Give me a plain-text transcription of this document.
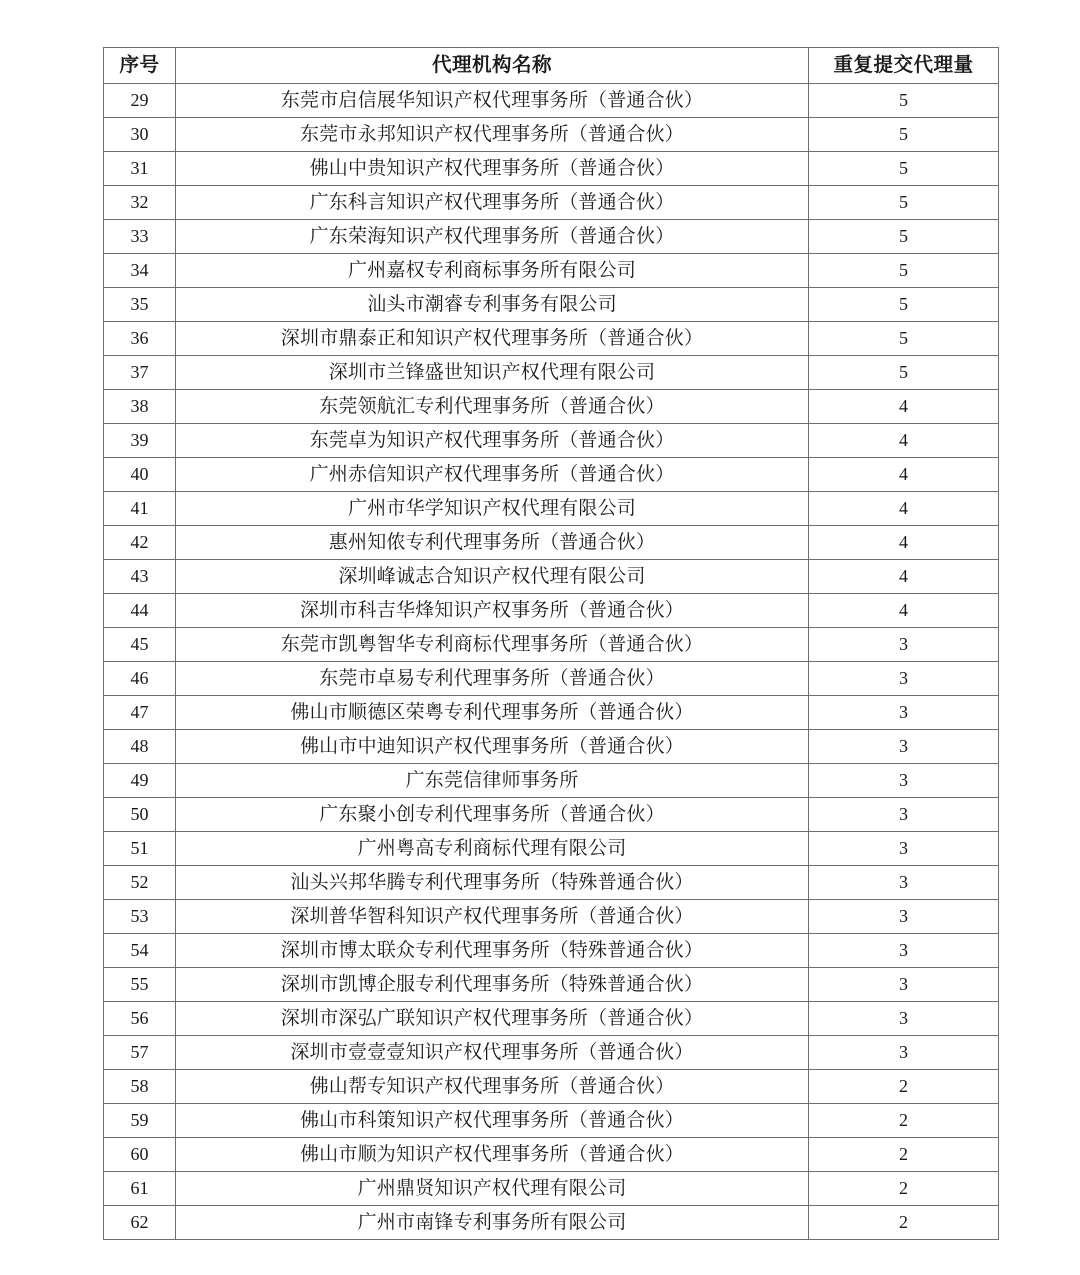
序号	代理机构名称	重复提交代理量
29	东莞市启信展华知识产权代理事务所（普通合伙）	5
30	东莞市永邦知识产权代理事务所（普通合伙）	5
31	佛山中贵知识产权代理事务所（普通合伙）	5
32	广东科言知识产权代理事务所（普通合伙）	5
33	广东荣海知识产权代理事务所（普通合伙）	5
34	广州嘉权专利商标事务所有限公司	5
35	汕头市潮睿专利事务有限公司	5
36	深圳市鼎泰正和知识产权代理事务所（普通合伙）	5
37	深圳市兰锋盛世知识产权代理有限公司	5
38	东莞领航汇专利代理事务所（普通合伙）	4
39	东莞卓为知识产权代理事务所（普通合伙）	4
40	广州赤信知识产权代理事务所（普通合伙）	4
41	广州市华学知识产权代理有限公司	4
42	惠州知侬专利代理事务所（普通合伙）	4
43	深圳峰诚志合知识产权代理有限公司	4
44	深圳市科吉华烽知识产权事务所（普通合伙）	4
45	东莞市凯粤智华专利商标代理事务所（普通合伙）	3
46	东莞市卓易专利代理事务所（普通合伙）	3
47	佛山市顺德区荣粤专利代理事务所（普通合伙）	3
48	佛山市中迪知识产权代理事务所（普通合伙）	3
49	广东莞信律师事务所	3
50	广东聚小创专利代理事务所（普通合伙）	3
51	广州粤高专利商标代理有限公司	3
52	汕头兴邦华腾专利代理事务所（特殊普通合伙）	3
53	深圳普华智科知识产权代理事务所（普通合伙）	3
54	深圳市博太联众专利代理事务所（特殊普通合伙）	3
55	深圳市凯博企服专利代理事务所（特殊普通合伙）	3
56	深圳市深弘广联知识产权代理事务所（普通合伙）	3
57	深圳市壹壹壹知识产权代理事务所（普通合伙）	3
58	佛山帮专知识产权代理事务所（普通合伙）	2
59	佛山市科策知识产权代理事务所（普通合伙）	2
60	佛山市顺为知识产权代理事务所（普通合伙）	2
61	广州鼎贤知识产权代理有限公司	2
62	广州市南锋专利事务所有限公司	2
